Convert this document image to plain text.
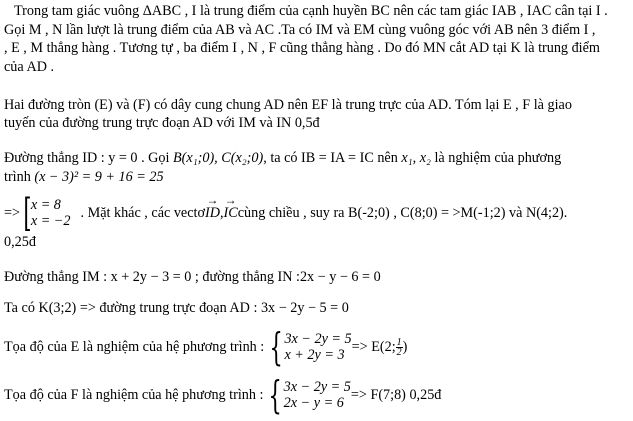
Trong tam giác vuông ΔABC , I là trung điểm của cạnh huyền BC nên các tam giác IAB , IAC cân tại I .
Gọi M , N lần lượt là trung điểm của AB và AC .Ta có IM và EM cùng vuông góc với AB nên 3 điểm I ,
, E , M thẳng hàng . Tương tự , ba điểm I , N , F cũng thẳng hàng . Do đó MN cắt AD tại K là trung điểm
của AD .
Hai đường tròn (E) và (F) có dây cung chung AD nên EF là trung trực của AD. Tóm lại E , F là giao
tuyến của đường trung trực đoạn AD với IM và IN 0,5đ
Đường thẳng ID : y = 0 . Gọi B(x₁;0), C(x₂;0), ta có IB = IA = IC nên x₁, x₂ là nghiệm của phương
trình (x − 3)² = 9 + 16 = 25
=> [ x = 8
x = −2
. Mặt khác , các vectơ → ID , → IC cùng chiều , suy ra B(-2;0) , C(8;0) = >M(-1;2) và N(4;2).
0,25đ
Đường thẳng IM : x + 2y − 3 = 0 ; đường thẳng IN :2x − y − 6 = 0
Ta có K(3;2) => đường trung trực đoạn AD : 3x − 2y − 5 = 0
Tọa độ của E là nghiệm của hệ phương trình : { 3x − 2y = 5
x + 2y = 3
=> E(2; $\frac{1}{2}$ )
Tọa độ của F là nghiệm của hệ phương trình : { 3x − 2y = 5
2x − y = 6
=> F(7;8) 0,25đ
